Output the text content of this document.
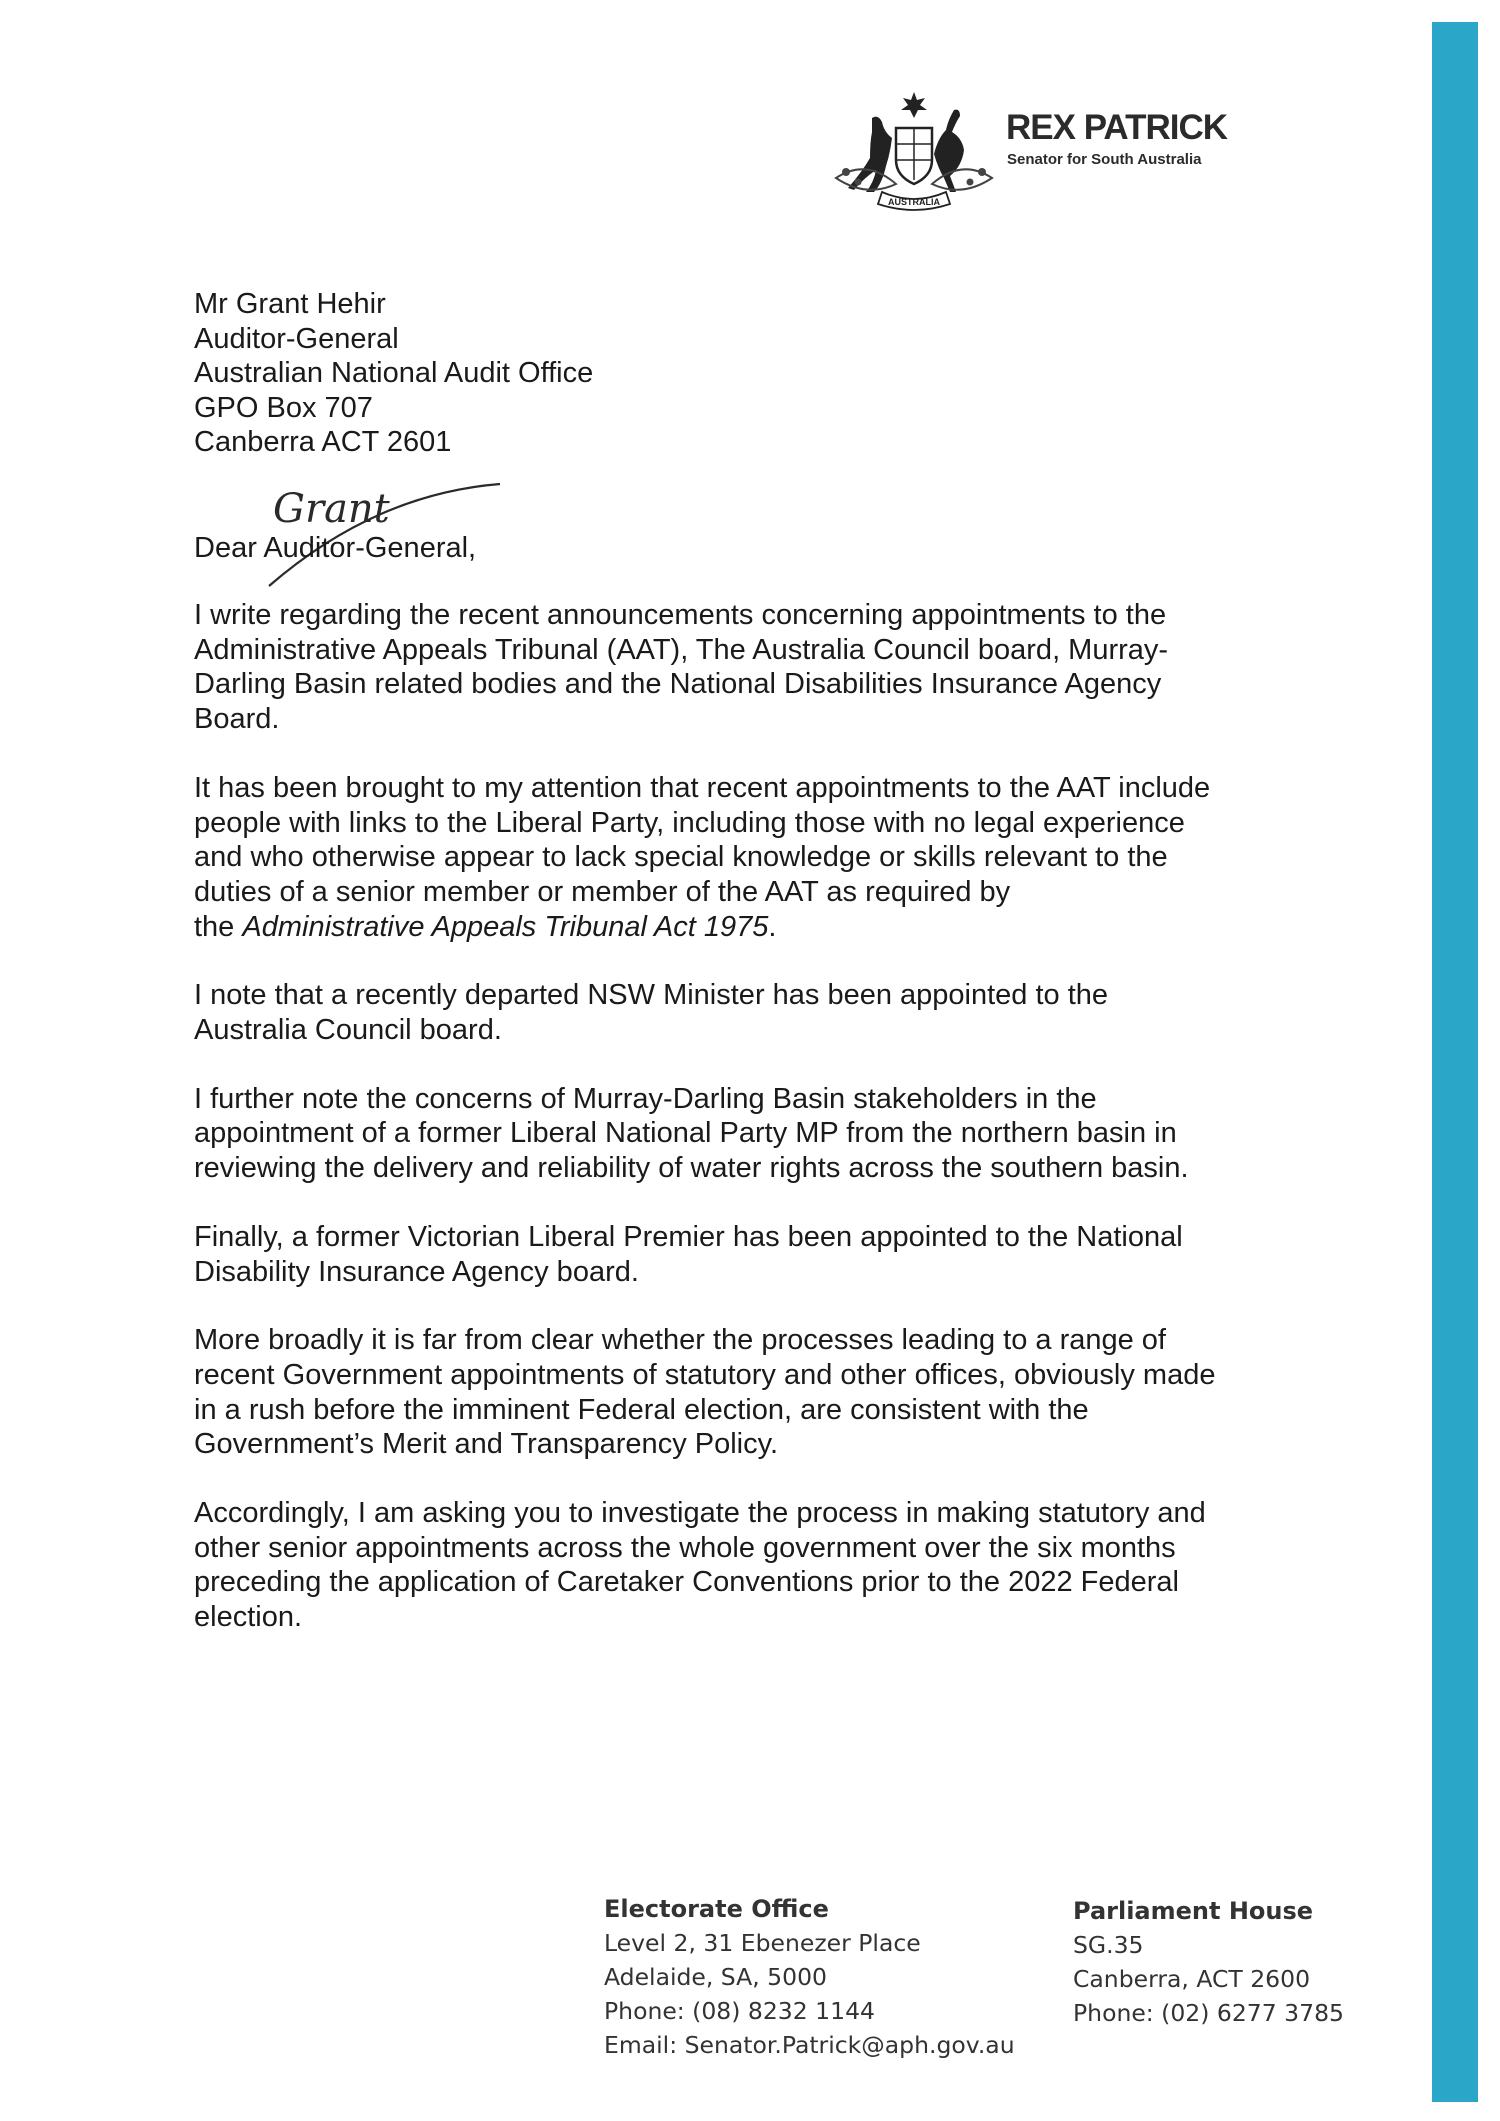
AUSTRALIA
REX PATRICK

Senator for South Australia

Mr Grant Hehir
Auditor-General
Australian National Audit Office
GPO Box 707
Canberra ACT 2601
Grant

Dear Auditor-General,

I write regarding the recent announcements concerning appointments to the
Administrative Appeals Tribunal (AAT), The Australia Council board, Murray-
Darling Basin related bodies and the National Disabilities Insurance Agency
Board.

It has been brought to my attention that recent appointments to the AAT include
people with links to the Liberal Party, including those with no legal experience
and who otherwise appear to lack special knowledge or skills relevant to the
duties of a senior member or member of the AAT as required by
the Administrative Appeals Tribunal Act 1975.

I note that a recently departed NSW Minister has been appointed to the
Australia Council board.

I further note the concerns of Murray-Darling Basin stakeholders in the
appointment of a former Liberal National Party MP from the northern basin in
reviewing the delivery and reliability of water rights across the southern basin.

Finally, a former Victorian Liberal Premier has been appointed to the National
Disability Insurance Agency board.

More broadly it is far from clear whether the processes leading to a range of
recent Government appointments of statutory and other offices, obviously made
in a rush before the imminent Federal election, are consistent with the
Government’s Merit and Transparency Policy.

Accordingly, I am asking you to investigate the process in making statutory and
other senior appointments across the whole government over the six months
preceding the application of Caretaker Conventions prior to the 2022 Federal
election.

Electorate Office
Level 2, 31 Ebenezer Place
Adelaide, SA, 5000
Phone: (08) 8232 1144
Email: Senator.Patrick@aph.gov.au
Parliament House
SG.35
Canberra, ACT 2600
Phone: (02) 6277 3785
